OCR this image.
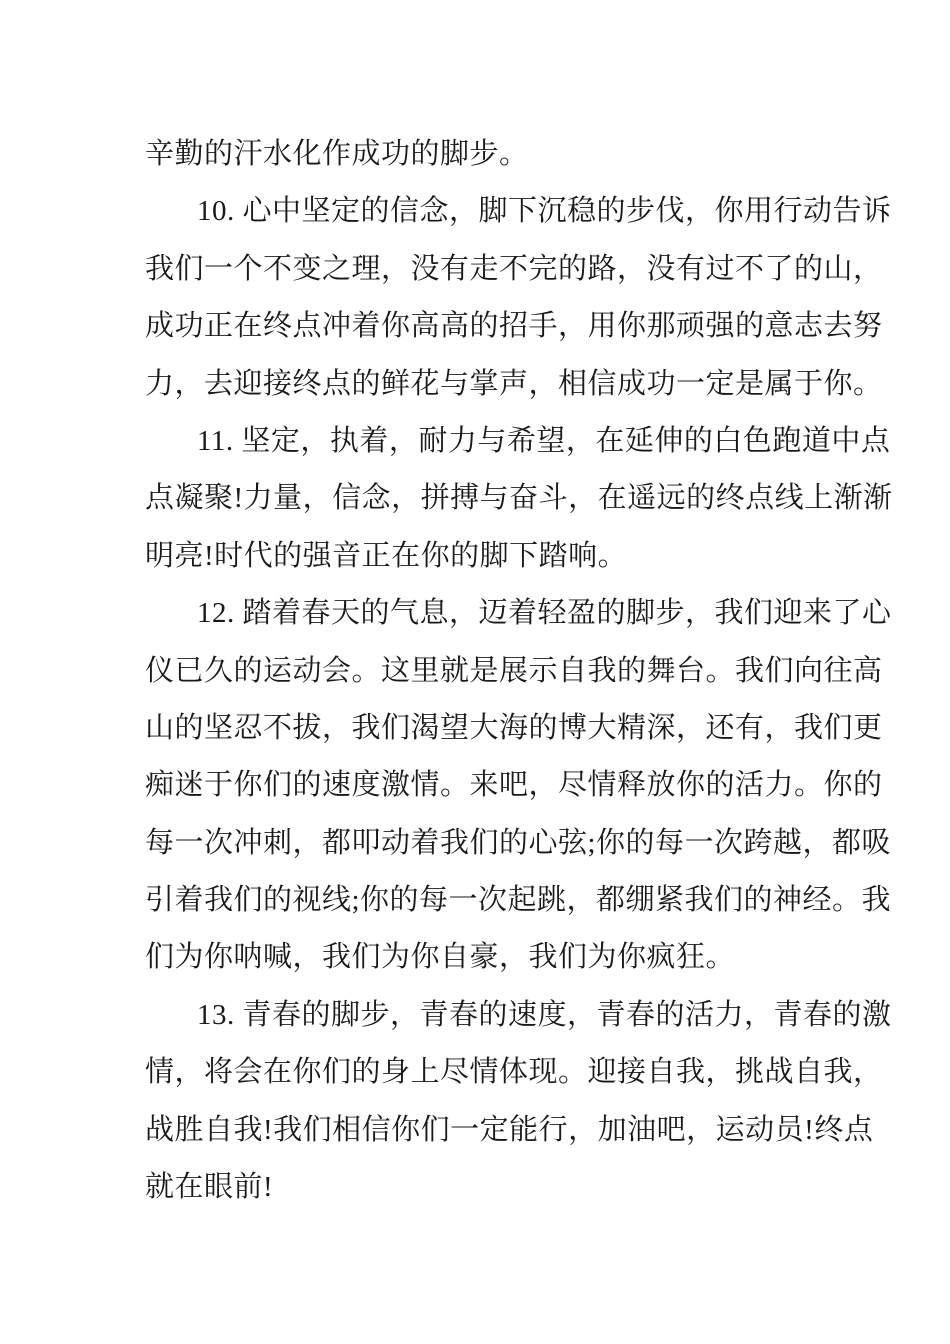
辛勤的汗水化作成功的脚步。
10. 心中坚定的信念，脚下沉稳的步伐，你用行动告诉
我们一个不变之理，没有走不完的路，没有过不了的山，
成功正在终点冲着你高高的招手，用你那顽强的意志去努
力，去迎接终点的鲜花与掌声，相信成功一定是属于你。
11. 坚定，执着，耐力与希望，在延伸的白色跑道中点
点凝聚!力量，信念，拼搏与奋斗，在遥远的终点线上渐渐
明亮!时代的强音正在你的脚下踏响。
12. 踏着春天的气息，迈着轻盈的脚步，我们迎来了心
仪已久的运动会。这里就是展示自我的舞台。我们向往高
山的坚忍不拔，我们渴望大海的博大精深，还有，我们更
痴迷于你们的速度激情。来吧，尽情释放你的活力。你的
每一次冲刺，都叩动着我们的心弦;你的每一次跨越，都吸
引着我们的视线;你的每一次起跳，都绷紧我们的神经。我
们为你呐喊，我们为你自豪，我们为你疯狂。
13. 青春的脚步，青春的速度，青春的活力，青春的激
情，将会在你们的身上尽情体现。迎接自我，挑战自我，
战胜自我!我们相信你们一定能行，加油吧，运动员!终点
就在眼前!
